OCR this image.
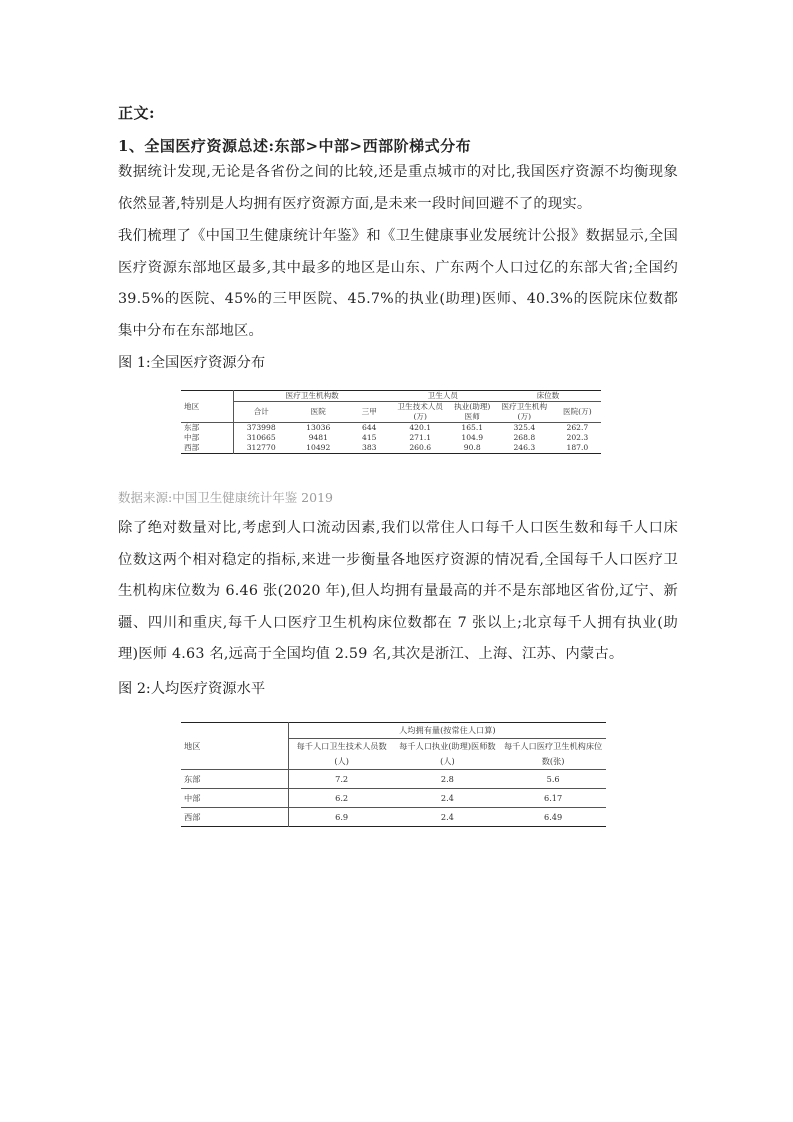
正文:
1、全国医疗资源总述:东部>中部>西部阶梯式分布
数据统计发现,无论是各省份之间的比较,还是重点城市的对比,我国医疗资源不均衡现象依然显著,特别是人均拥有医疗资源方面,是未来一段时间回避不了的现实。
我们梳理了《中国卫生健康统计年鉴》和《卫生健康事业发展统计公报》数据显示,全国医疗资源东部地区最多,其中最多的地区是山东、广东两个人口过亿的东部大省;全国约 39.5%的医院、45%的三甲医院、45.7%的执业(助理)医师、40.3%的医院床位数都集中分布在东部地区。
图 1:全国医疗资源分布
地区	医疗卫生机构数			卫生人员		床位数	
	合计	医院	三甲	卫生技术人员(万)	执业(助理)医师	医疗卫生机构(万)	医院(万)
东部	373998	13036	644	420.1	165.1	325.4	262.7
中部	310665	9481	415	271.1	104.9	268.8	202.3
西部	312770	10492	383	260.6	90.8	246.3	187.0
数据来源:中国卫生健康统计年鉴 2019
除了绝对数量对比,考虑到人口流动因素,我们以常住人口每千人口医生数和每千人口床位数这两个相对稳定的指标,来进一步衡量各地医疗资源的情况看,全国每千人口医疗卫生机构床位数为 6.46 张(2020 年),但人均拥有量最高的并不是东部地区省份,辽宁、新疆、四川和重庆,每千人口医疗卫生机构床位数都在 7 张以上;北京每千人拥有执业(助理)医师 4.63 名,远高于全国均值 2.59 名,其次是浙江、上海、江苏、内蒙古。
图 2:人均医疗资源水平
地区	人均拥有量(按常住人口算)		
	每千人口卫生技术人员数(人)	每千人口执业(助理)医师数(人)	每千人口医疗卫生机构床位数(张)
东部	7.2	2.8	5.6
中部	6.2	2.4	6.17
西部	6.9	2.4	6.49
